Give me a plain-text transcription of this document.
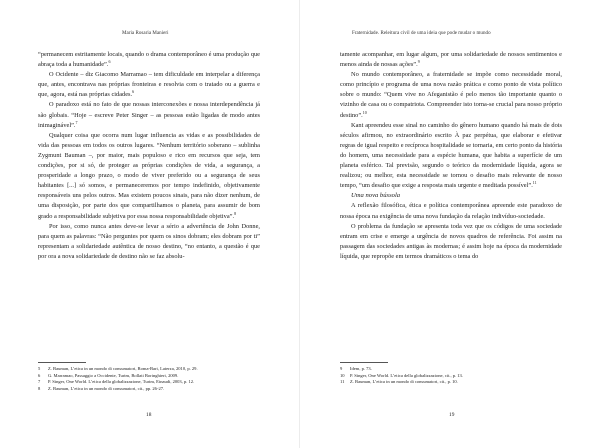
Maria Rosaria Manieri

“permanecem estritamente locais, quando o drama contemporâneo é uma produção que abraça toda a humanidade”.$^6$

O Ocidente – diz Giacomo Marramao – tem dificuldade em interpelar a diferença que, antes, encontrava nas próprias fronteiras e resolvia com o tratado ou a guerra e que, agora, está nas próprias cidades.$^6$

O paradoxo está no fato de que nossas interconexões e nossa interdependência já são globais. “Hoje – escreve Peter Singer – as pessoas estão ligadas de modo antes inimaginável”.$^7$

Qualquer coisa que ocorra num lugar influencia as vidas e as possibilidades de vida das pessoas em todos os outros lugares. “Nenhum território soberano – sublinha Zygmunt Bauman –, por maior, mais populoso e rico em recursos que seja, tem condições, por si só, de proteger as próprias condições de vida, a segurança, a prosperidade a longo prazo, o modo de viver preferido ou a segurança de seus habitantes [...] só somos, e permaneceremos por tempo indefinido, objetivamente responsáveis uns pelos outros. Mas existem poucos sinais, para não dizer nenhum, de uma disposição, por parte dos que compartilhamos o planeta, para assumir de bom grado a responsabilidade subjetiva por essa nossa responsabilidade objetiva”.$^8$

Por isso, como nunca antes deve-se levar a sério a advertência de John Donne, para quem as palavras: “Não perguntes por quem os sinos dobram; eles dobram por ti” representam a solidariedade autêntica de nosso destino, “no entanto, a questão é que por ora a nova solidariedade de destino não se faz absolu-

5 Z. Bauman, L’etica in un mondo di consumatori, Roma-Bari, Laterza, 2010, p. 29.
6 G. Marramao, Passaggio a Occidente, Turim, Bollati Boringhieri, 2009.
7 P. Singer, One World. L’etica della globalizzazione, Turim, Einaudi, 2003, p. 12.
8 Z. Bauman, L’etica in un mondo di consumatori, cit., pp. 26-27.
18
Fraternidade. Releitura civil de uma ideia que pode mudar o mundo

tamente acompanhar, em lugar algum, por uma solidariedade de nossos sentimentos e menos ainda de nossas ações”.$^9$

No mundo contemporâneo, a fraternidade se impõe como necessidade moral, como princípio e programa de uma nova razão prática e como ponto de vista político sobre o mundo: “Quem vive no Afeganistão é pelo menos tão importante quanto o vizinho de casa ou o compatriota. Compreender isto torna-se crucial para nosso próprio destino”.$^{10}$

Kant apreendeu esse sinal no caminho do gênero humano quando há mais de dois séculos afirmou, no extraordinário escrito À paz perpétua, que elaborar e efetivar regras de igual respeito e recíproca hospitalidade se tornaria, em certo ponto da história do homem, uma necessidade para a espécie humana, que habita a superfície de um planeta esférico. Tal previsão, segundo o teórico da modernidade líquida, agora se realizou; ou melhor, esta necessidade se tornou o desafio mais relevante de nosso tempo, “um desafio que exige a resposta mais urgente e meditada possível”.$^{11}$

Uma nova bússola

A reflexão filosófica, ética e política contemporânea apreende este paradoxo de nossa época na exigência de uma nova fundação da relação indivíduo-sociedade.

O problema da fundação se apresenta toda vez que os códigos de uma sociedade entram em crise e emerge a urgência de novos quadros de referência. Foi assim na passagem das sociedades antigas às modernas; é assim hoje na época da modernidade líquida, que repropõe em termos dramáticos o tema do

9 Idem, p. 73.
10 P. Singer, One World. L’etica della globalizzazione, cit., p. 13.
11 Z. Bauman, L’etica in un mondo di consumatori, cit., p. 10.
19
